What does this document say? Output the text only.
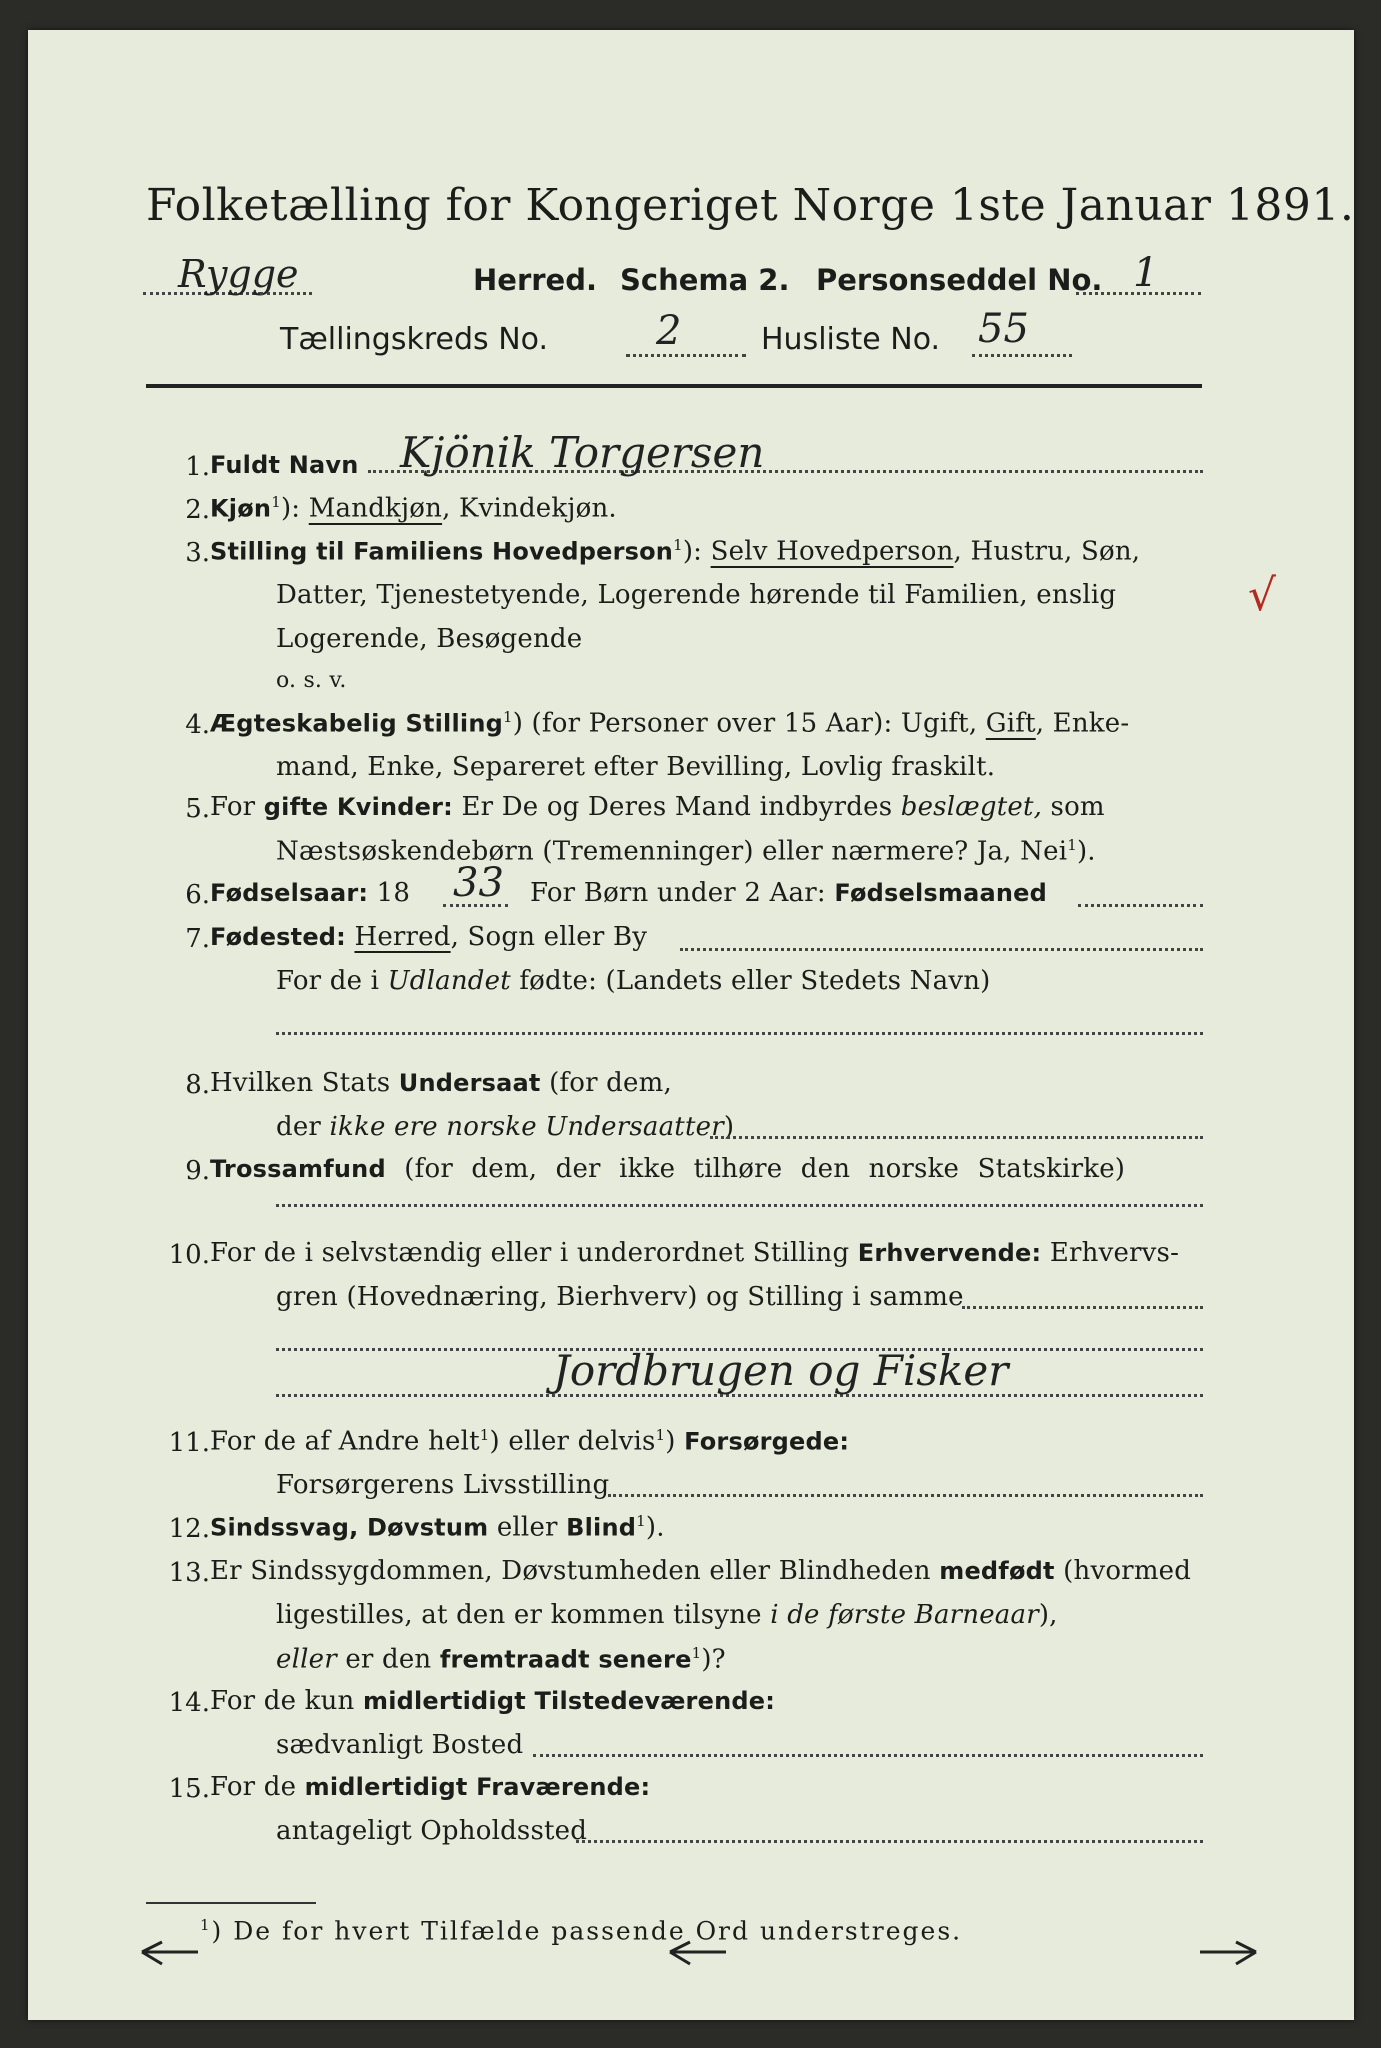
Folketælling for Kongeriget Norge 1ste Januar 1891.
Rygge	Herred. Schema 2. Personseddel No. 1
Tællingskreds No.	2	Husliste No. 55
1. Fuldt Navn Kjönik Torgersen
2. Kjøn$^1$): Mandkjøn, Kvindekjøn.
3. Stilling til Familiens Hovedperson$^1$): Selv Hovedperson, Hustru, Søn,
Datter, Tjenestetyende, Logerende hørende til Familien, enslig
Logerende, Besøgende
o. s. v.
√
4. Ægteskabelig Stilling$^1$) (for Personer over 15 Aar): Ugift, Gift, Enke-
mand, Enke, Separeret efter Bevilling, Lovlig fraskilt.
5. For gifte Kvinder: Er De og Deres Mand indbyrdes beslægtet, som
Næstsøskendebørn (Tremenninger) eller nærmere? Ja, Nei$^1$).
6. Fødselsaar: 18 33 For Børn under 2 Aar: Fødselsmaaned
7. Fødested: Herred, Sogn eller By
For de i Udlandet fødte: (Landets eller Stedets Navn)
8. Hvilken Stats Undersaat (for dem,
der ikke ere norske Undersaatter)
9. Trossamfund (for dem, der ikke tilhøre den norske Statskirke)
10. For de i selvstændig eller i underordnet Stilling Erhvervende: Erhvervs-
gren (Hovednæring, Bierhverv) og Stilling i samme
Jordbrugen og Fisker
11. For de af Andre helt$^1$) eller delvis$^1$) Forsørgede:
Forsørgerens Livsstilling
12. Sindssvag, Døvstum eller Blind$^1$).
13. Er Sindssygdommen, Døvstumheden eller Blindheden medfødt (hvormed
ligestilles, at den er kommen tilsyne i de første Barneaar),
eller er den fremtraadt senere$^1$)?
14. For de kun midlertidigt Tilstedeværende:
sædvanligt Bosted
15. For de midlertidigt Fraværende:
antageligt Opholdssted
$^1$) De for hvert Tilfælde passende Ord understreges.
